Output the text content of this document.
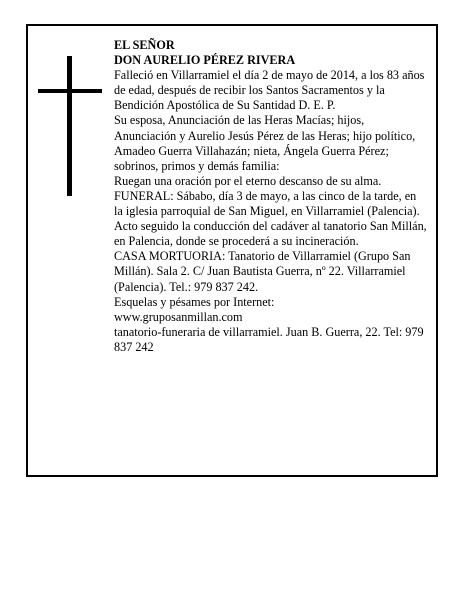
EL SEÑOR

DON AURELIO PÉREZ RIVERA

Falleció en Villarramiel el día 2 de mayo de 2014, a los 83 años de edad, después de recibir los Santos Sacramentos y la Bendición Apostólica de Su Santidad D. E. P.

Su esposa, Anunciación de las Heras Macías; hijos, Anunciación y Aurelio Jesús Pérez de las Heras; hijo político, Amadeo Guerra Villahazán; nieta, Ángela Guerra Pérez; sobrinos, primos y demás familia:

Ruegan una oración por el eterno descanso de su alma.

FUNERAL: Sábabo, día 3 de mayo, a las cinco de la tarde, en la iglesia parroquial de San Miguel, en Villarramiel (Palencia). Acto seguido la conducción del cadáver al tanatorio San Millán, en Palencia, donde se procederá a su incineración.

CASA MORTUORIA: Tanatorio de Villarramiel (Grupo San Millán). Sala 2. C/ Juan Bautista Guerra, nº 22. Villarramiel (Palencia). Tel.: 979 837 242.

Esquelas y pésames por Internet:

www.gruposanmillan.com

tanatorio-funeraria de villarramiel. Juan B. Guerra, 22. Tel: 979 837 242
